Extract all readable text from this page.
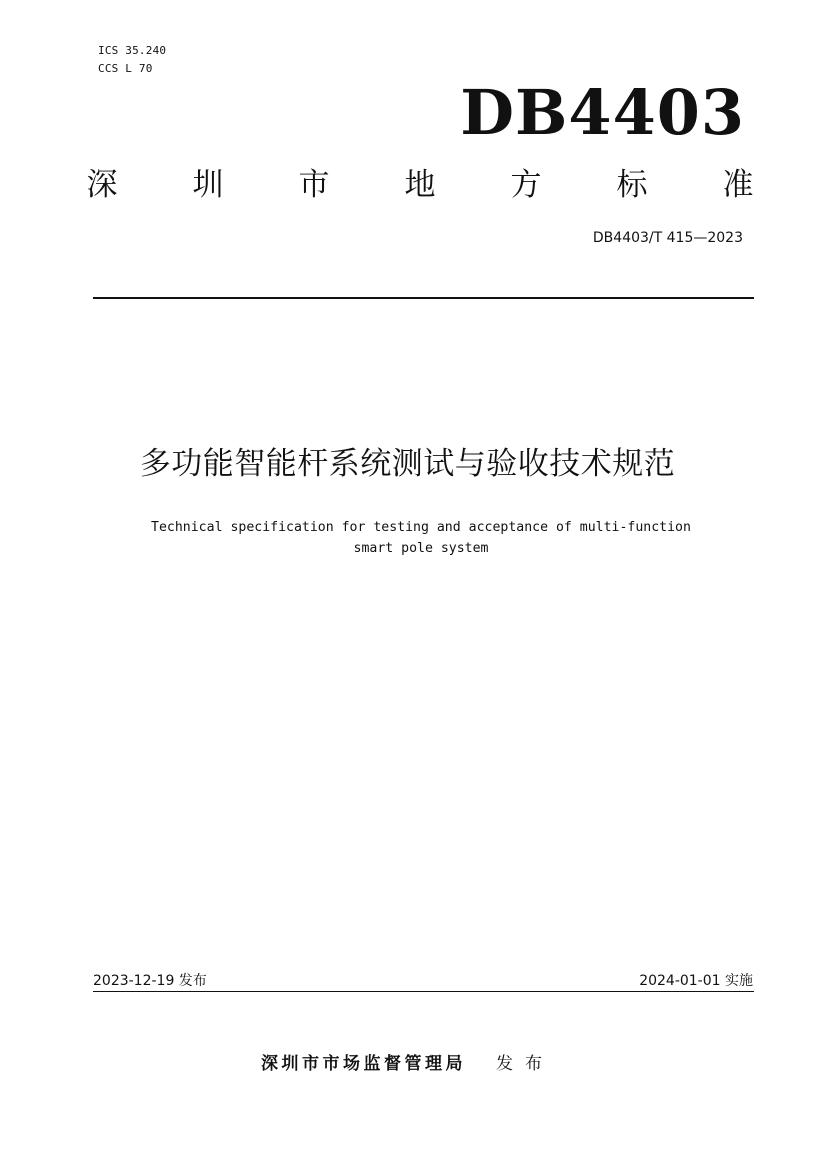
ICS 35.240
CCS L 70
DB4403
深 圳 市 地 方 标 准
DB4403/T 415—2023
多功能智能杆系统测试与验收技术规范
Technical specification for testing and acceptance of multi-function
smart pole system
2023-12-19 发布	2024-01-01 实施
深圳市市场监督管理局 发布
